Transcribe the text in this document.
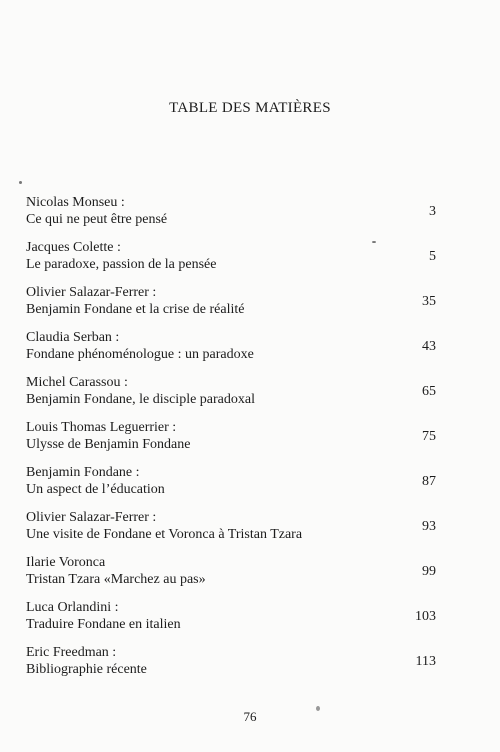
TABLE DES MATIÈRES
Nicolas Monseu :
Ce qui ne peut être pensé
3
Jacques Colette :
Le paradoxe, passion de la pensée
5
Olivier Salazar-Ferrer :
Benjamin Fondane et la crise de réalité
35
Claudia Serban :
Fondane phénoménologue : un paradoxe
43
Michel Carassou :
Benjamin Fondane, le disciple paradoxal
65
Louis Thomas Leguerrier :
Ulysse de Benjamin Fondane
75
Benjamin Fondane :
Un aspect de l’éducation
87
Olivier Salazar-Ferrer :
Une visite de Fondane et Voronca à Tristan Tzara
93
Ilarie Voronca
Tristan Tzara «Marchez au pas»
99
Luca Orlandini :
Traduire Fondane en italien
103
Eric Freedman :
Bibliographie récente
113
76
